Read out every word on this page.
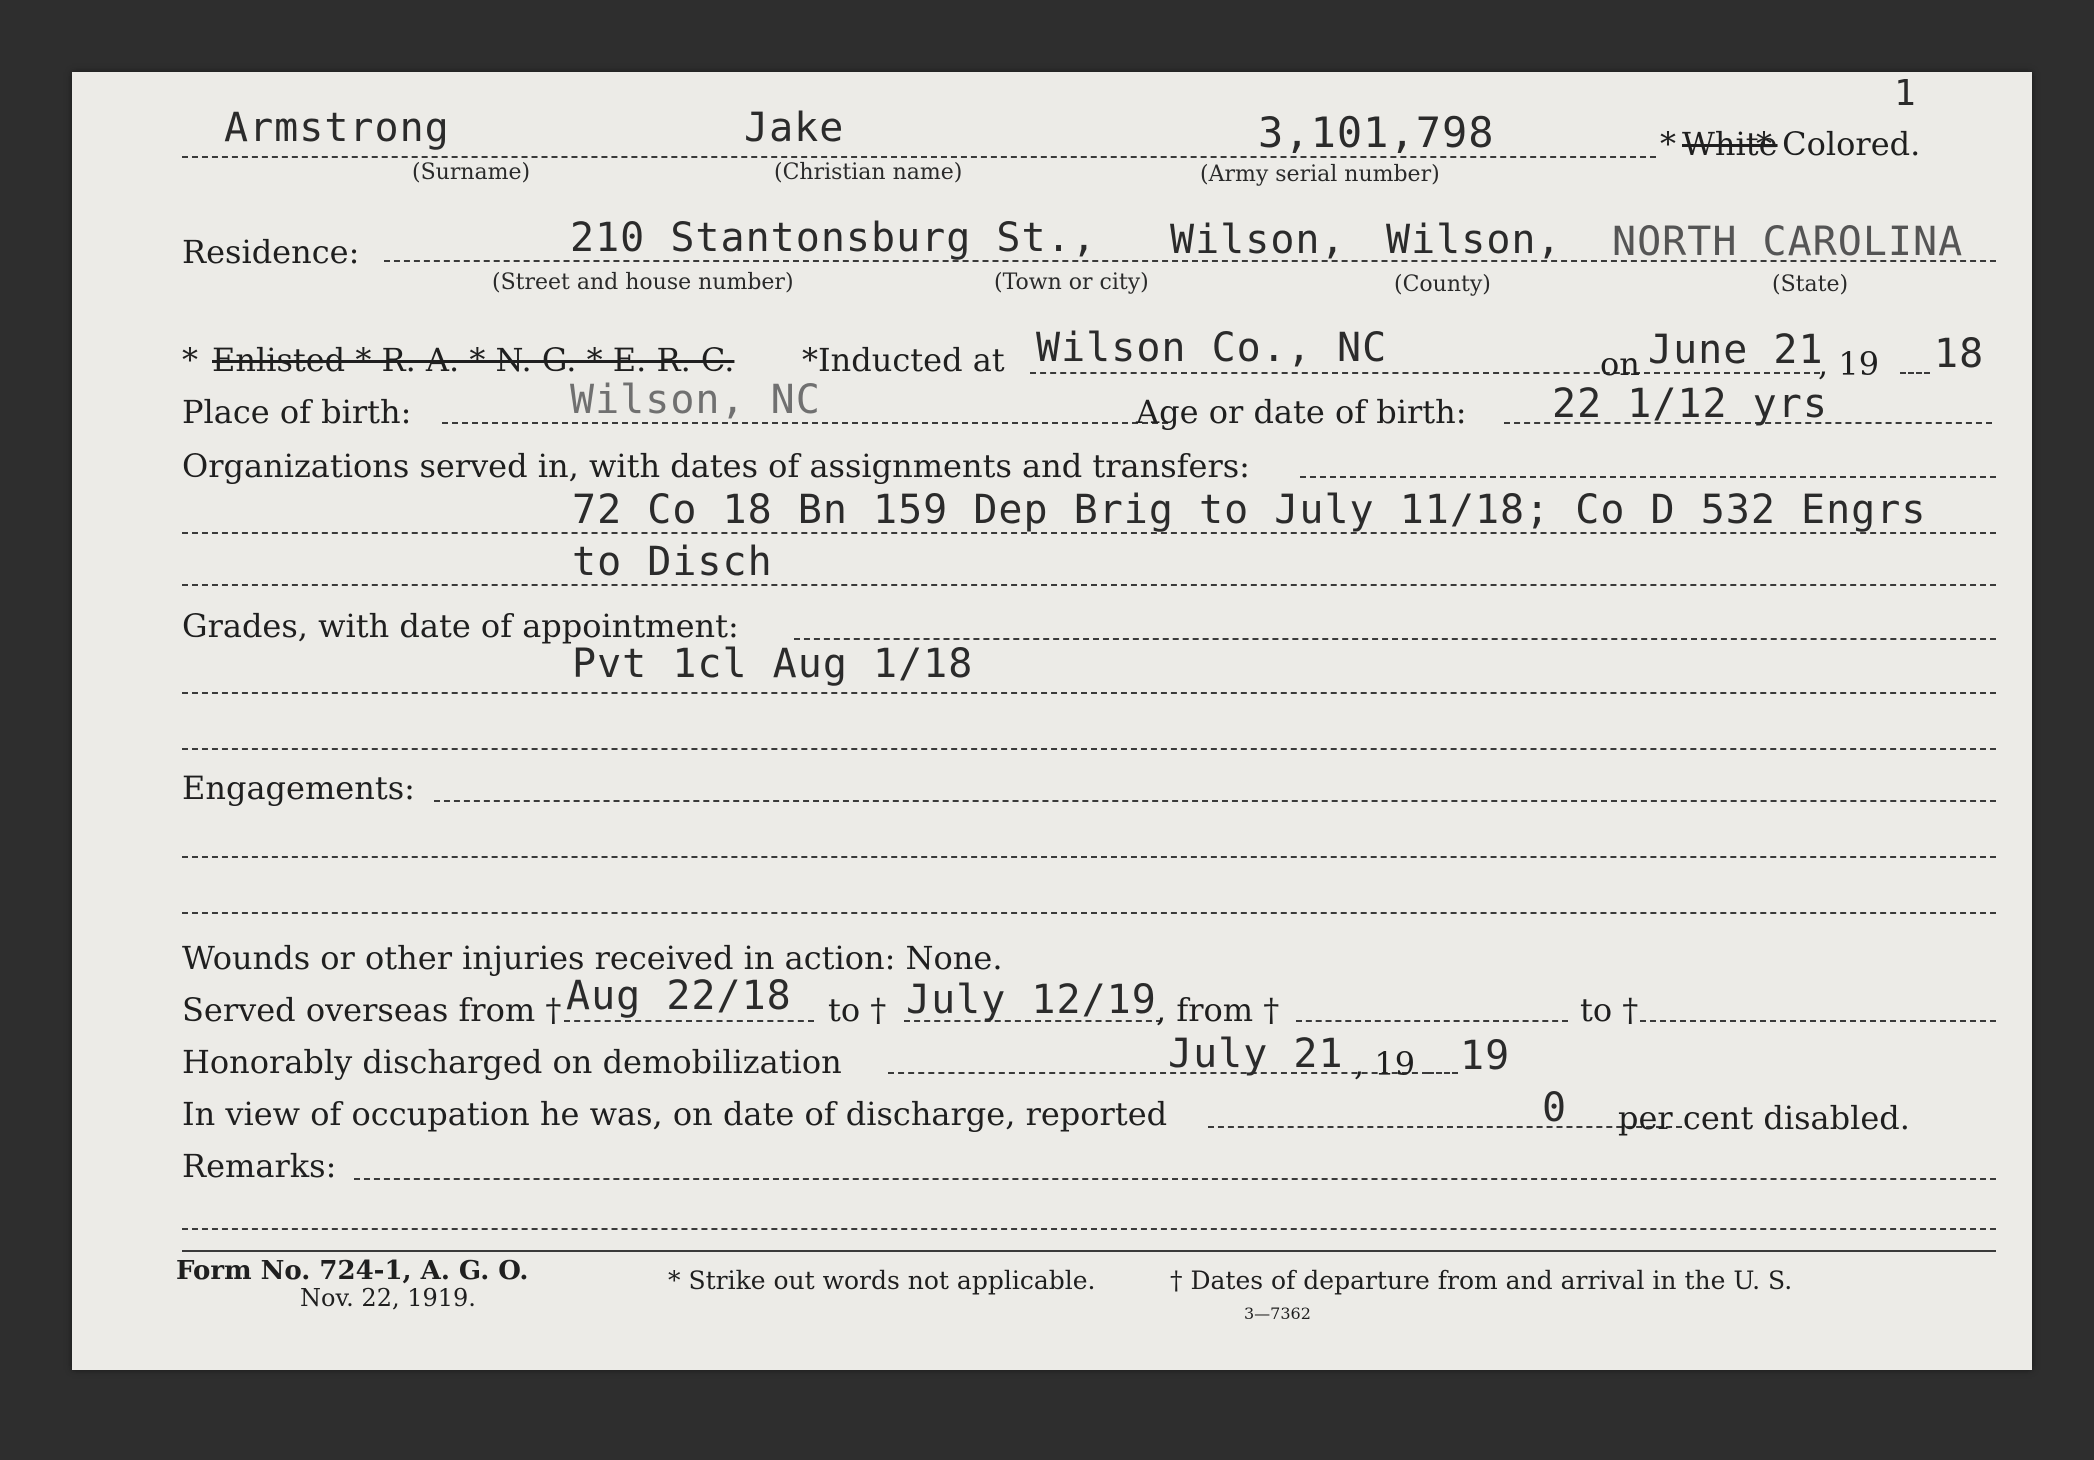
1
Armstrong	Jake	3,101,798	* White
* Colored.
(Surname)	(Christian name)	(Army serial number)
Residence:	210 Stantonsburg St., Wilson, Wilson, NORTH CAROLINA
(Street and house number)	(Town or city)	(County)	(State)
* Enlisted * R. A. * N. G. * E. R. C. *Inducted at Wilson Co., NC	on June 21
, 19 18
Place of birth:	Wilson, NC	Age or date of birth: 22 1/12 yrs
Organizations served in, with dates of assignments and transfers:
72 Co 18 Bn 159 Dep Brig to July 11/18; Co D 532 Engrs
to Disch
Grades, with date of appointment:
Pvt 1cl Aug 1/18
Engagements:
Wounds or other injuries received in action: None.
Served overseas from † Aug 22/18 to † July 12/19 , from †	to †
Honorably discharged on demobilization	July 21 , 19 19
In view of occupation he was, on date of discharge, reported	0 per cent disabled.
Remarks:
Form No. 724-1, A. G. O.
Nov. 22, 1919.
* Strike out words not applicable.	† Dates of departure from and arrival in the U. S.
3—7362
